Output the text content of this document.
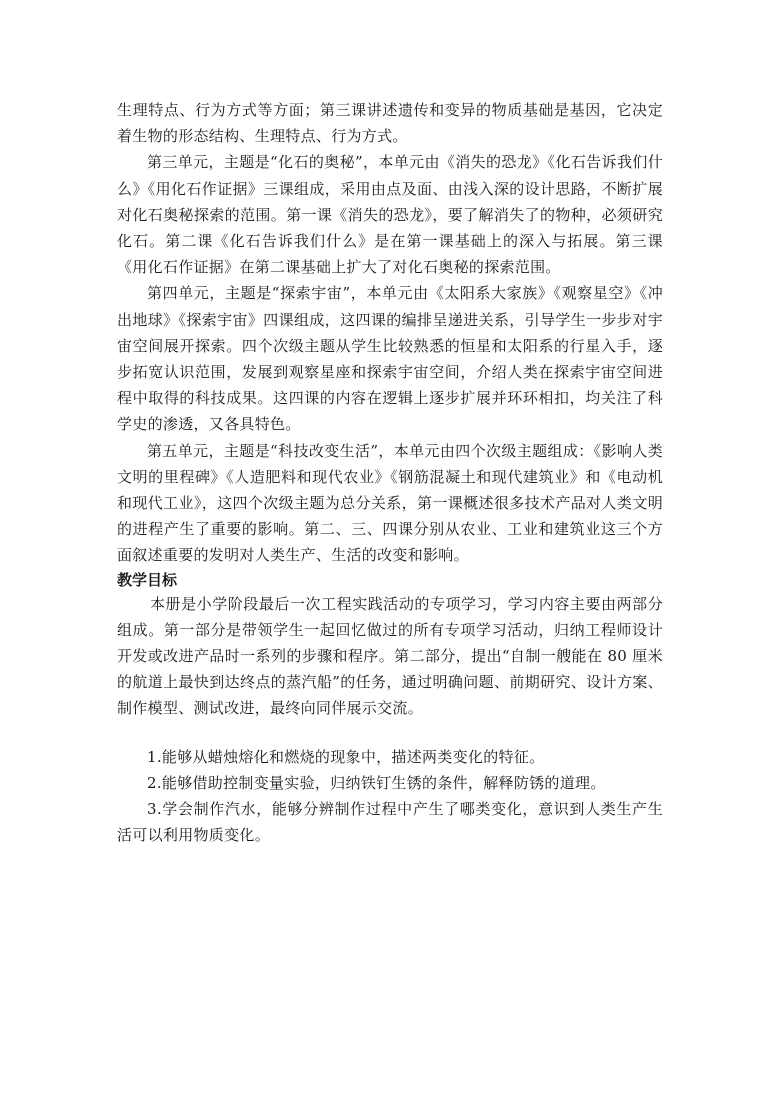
生理特点、行为方式等方面；第三课讲述遗传和变异的物质基础是基因，它决定着生物的形态结构、生理特点、行为方式。

第三单元，主题是“化石的奥秘”，本单元由《消失的恐龙》《化石告诉我们什么》《用化石作证据》三课组成，采用由点及面、由浅入深的设计思路，不断扩展对化石奥秘探索的范围。第一课《消失的恐龙》，要了解消失了的物种，必须研究化石。第二课《化石告诉我们什么》是在第一课基础上的深入与拓展。第三课《用化石作证据》在第二课基础上扩大了对化石奥秘的探索范围。

第四单元，主题是“探索宇宙”，本单元由《太阳系大家族》《观察星空》《冲出地球》《探索宇宙》四课组成，这四课的编排呈递进关系，引导学生一步步对宇宙空间展开探索。四个次级主题从学生比较熟悉的恒星和太阳系的行星入手，逐步拓宽认识范围，发展到观察星座和探索宇宙空间，介绍人类在探索宇宙空间进程中取得的科技成果。这四课的内容在逻辑上逐步扩展并环环相扣，均关注了科学史的渗透，又各具特色。

第五单元，主题是“科技改变生活”，本单元由四个次级主题组成：《影响人类文明的里程碑》《人造肥料和现代农业》《钢筋混凝土和现代建筑业》和《电动机和现代工业》，这四个次级主题为总分关系，第一课概述很多技术产品对人类文明的进程产生了重要的影响。第二、三、四课分别从农业、工业和建筑业这三个方面叙述重要的发明对人类生产、生活的改变和影响。

教学目标

本册是小学阶段最后一次工程实践活动的专项学习，学习内容主要由两部分组成。第一部分是带领学生一起回忆做过的所有专项学习活动，归纳工程师设计开发或改进产品时一系列的步骤和程序。第二部分，提出“自制一艘能在 80 厘米的航道上最快到达终点的蒸汽船”的任务，通过明确问题、前期研究、设计方案、制作模型、测试改进，最终向同伴展示交流。

1.能够从蜡烛熔化和燃烧的现象中，描述两类变化的特征。

2.能够借助控制变量实验，归纳铁钉生锈的条件，解释防锈的道理。

3.学会制作汽水，能够分辨制作过程中产生了哪类变化，意识到人类生产生活可以利用物质变化。
